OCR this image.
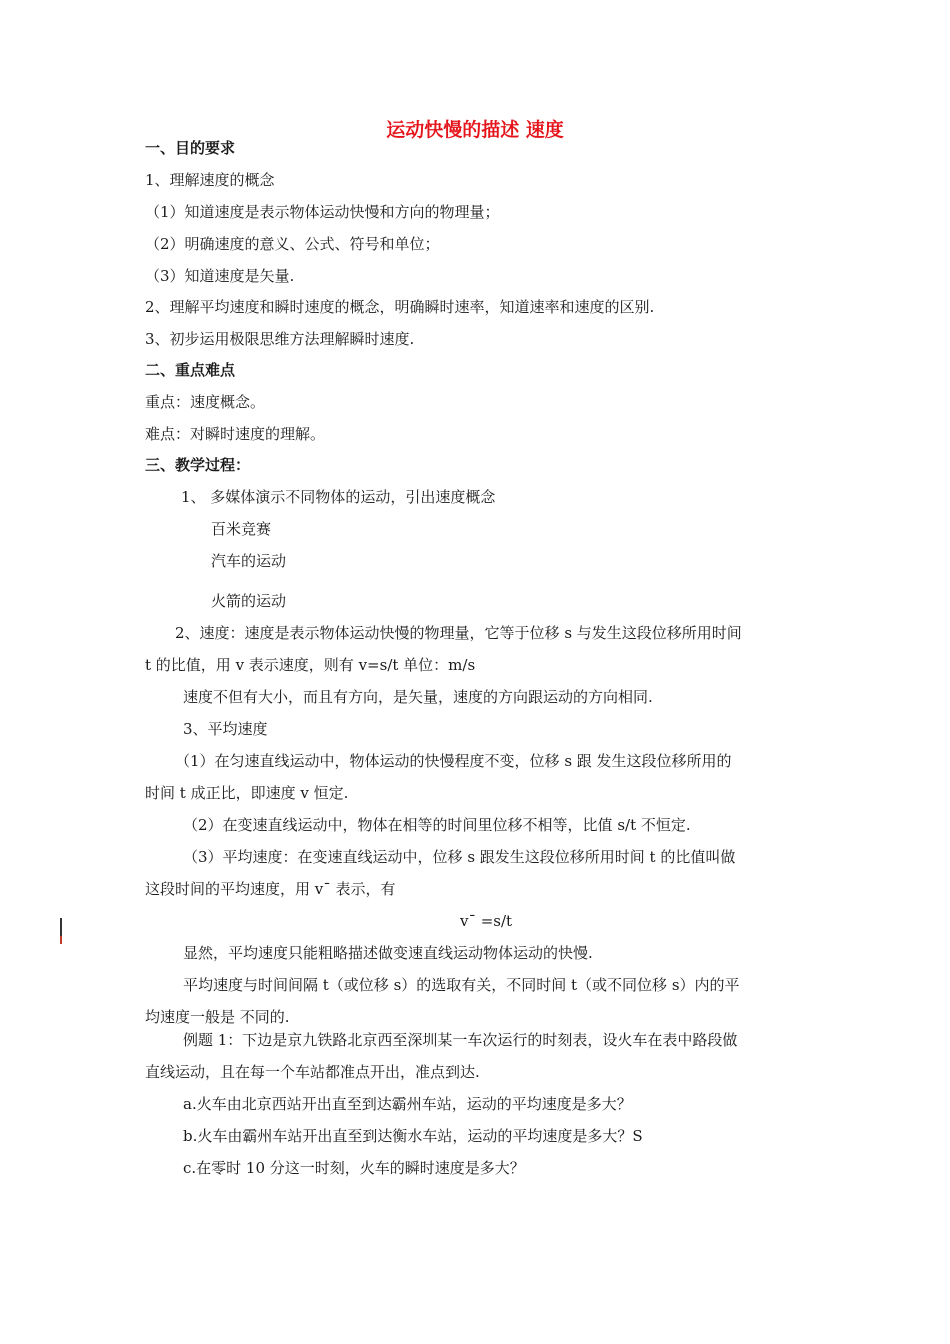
运动快慢的描述 速度
一、目的要求
1、理解速度的概念
（1）知道速度是表示物体运动快慢和方向的物理量；
（2）明确速度的意义、公式、符号和单位；
（3）知道速度是矢量.
2、理解平均速度和瞬时速度的概念，明确瞬时速率，知道速率和速度的区别.
3、初步运用极限思维方法理解瞬时速度.
二、重点难点
重点：速度概念。
难点：对瞬时速度的理解。
三、教学过程：
1、 多媒体演示不同物体的运动，引出速度概念
百米竞赛
汽车的运动
火箭的运动
2、速度：速度是表示物体运动快慢的物理量，它等于位移 s 与发生这段位移所用时间
t 的比值，用 v 表示速度，则有 v=s/t 单位：m/s
速度不但有大小，而且有方向，是矢量，速度的方向跟运动的方向相同.
3、平均速度
（1）在匀速直线运动中，物体运动的快慢程度不变，位移 s 跟 发生这段位移所用的
时间 t 成正比，即速度 v 恒定.
（2）在变速直线运动中，物体在相等的时间里位移不相等，比值 s/t 不恒定.
（3）平均速度：在变速直线运动中，位移 s 跟发生这段位移所用时间 t 的比值叫做
这段时间的平均速度，用 v¯ 表示，有
v¯ =s/t
显然，平均速度只能粗略描述做变速直线运动物体运动的快慢.
平均速度与时间间隔 t（或位移 s）的选取有关，不同时间 t（或不同位移 s）内的平
均速度一般是 不同的.
例题 1：下边是京九铁路北京西至深圳某一车次运行的时刻表，设火车在表中路段做
直线运动，且在每一个车站都准点开出，准点到达.
a.火车由北京西站开出直至到达霸州车站，运动的平均速度是多大？
b.火车由霸州车站开出直至到达衡水车站，运动的平均速度是多大？S
c.在零时 10 分这一时刻，火车的瞬时速度是多大？
